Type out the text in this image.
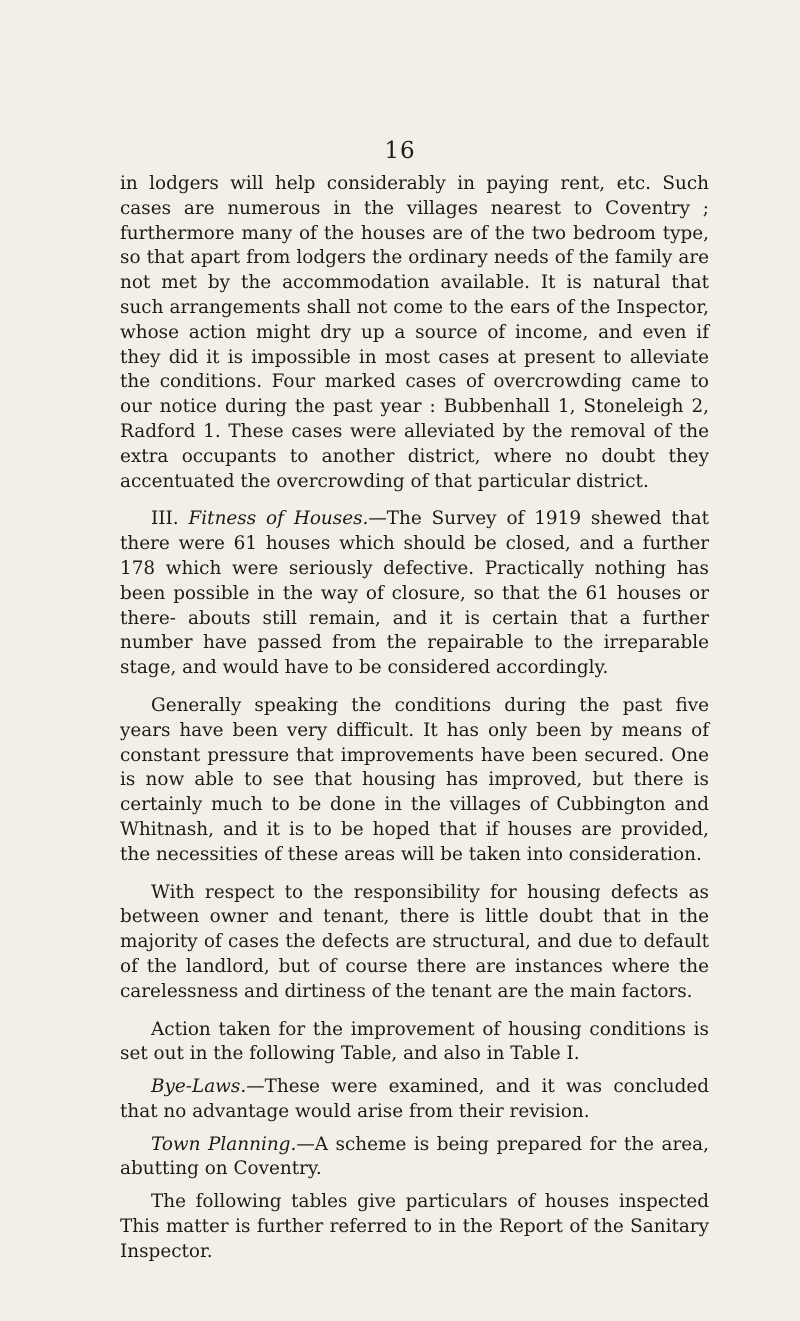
16

in lodgers will help considerably in paying rent, etc. Such cases are numerous in the villages nearest to Coventry ; furthermore many of the houses are of the two bedroom type, so that apart from lodgers the ordinary needs of the family are not met by the accommodation available. It is natural that such arrangements shall not come to the ears of the Inspector, whose action might dry up a source of income, and even if they did it is impossible in most cases at present to alleviate the conditions. Four marked cases of overcrowding came to our notice during the past year : Bubbenhall 1, Stoneleigh 2, Radford 1. These cases were alleviated by the removal of the extra occupants to another district, where no doubt they accentuated the overcrowding of that particular district.

III. Fitness of Houses.—The Survey of 1919 shewed that there were 61 houses which should be closed, and a further 178 which were seriously defective. Practically nothing has been possible in the way of closure, so that the 61 houses or there- abouts still remain, and it is certain that a further number have passed from the repairable to the irreparable stage, and would have to be considered accordingly.

Generally speaking the conditions during the past five years have been very difficult. It has only been by means of constant pressure that improvements have been secured. One is now able to see that housing has improved, but there is certainly much to be done in the villages of Cubbington and Whitnash, and it is to be hoped that if houses are provided, the necessities of these areas will be taken into consideration.

With respect to the responsibility for housing defects as between owner and tenant, there is little doubt that in the majority of cases the defects are structural, and due to default of the landlord, but of course there are instances where the carelessness and dirtiness of the tenant are the main factors.

Action taken for the improvement of housing conditions is set out in the following Table, and also in Table I.

Bye-Laws.—These were examined, and it was concluded that no advantage would arise from their revision.

Town Planning.—A scheme is being prepared for the area, abutting on Coventry.

The following tables give particulars of houses inspected This matter is further referred to in the Report of the Sanitary Inspector.
